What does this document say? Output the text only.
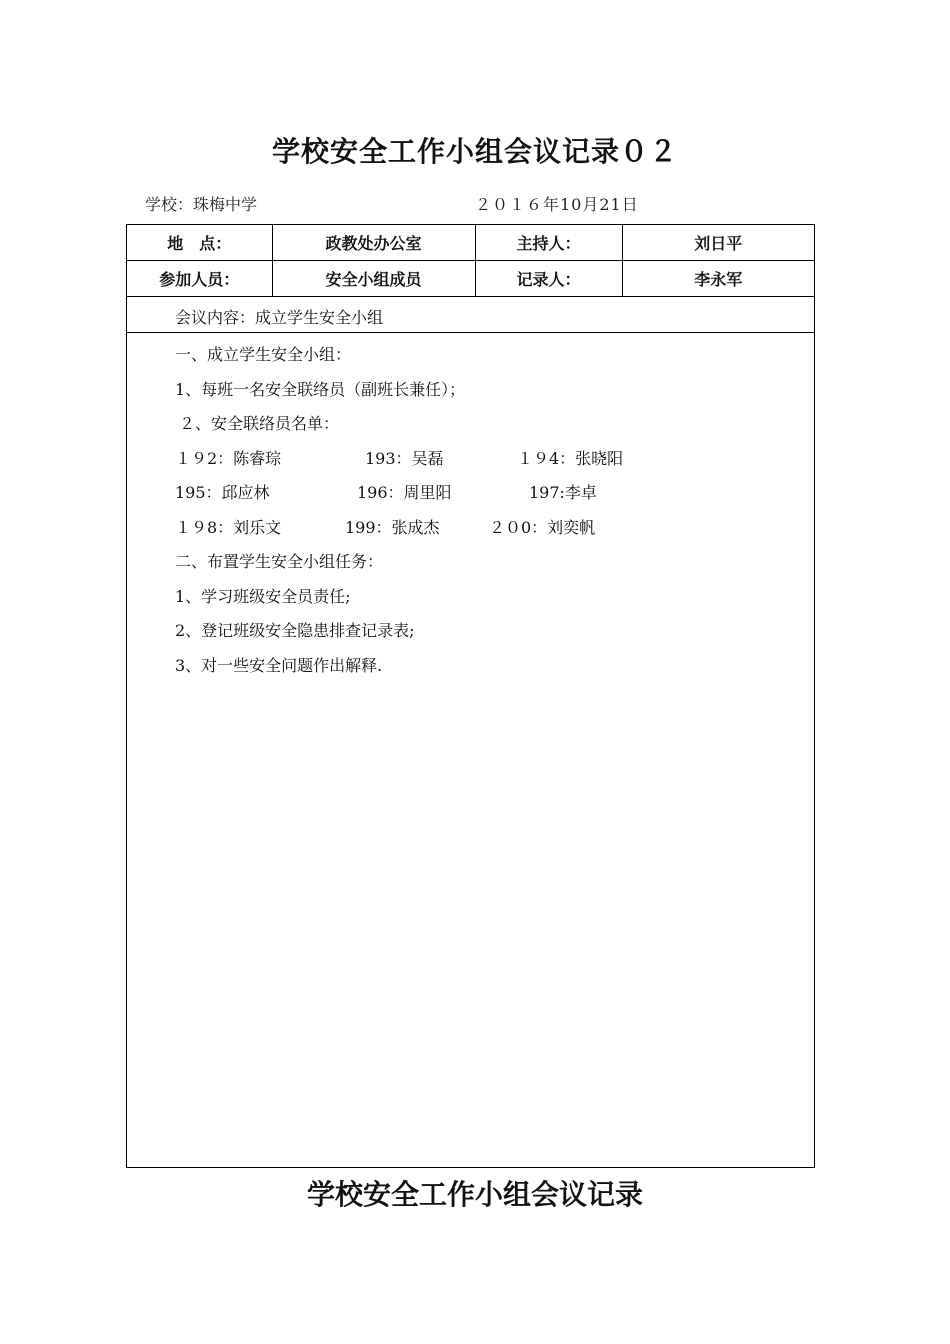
学校安全工作小组会议记录０２
学校：珠梅中学	２０１６年10月21日
地　点：	政教处办公室	主持人：	刘日平
参加人员：	安全小组成员	记录人：	李永军
会议内容：成立学生安全小组
一、成立学生安全小组：
1、每班一名安全联络员（副班长兼任）；
２、安全联络员名单：
１９2：陈睿琮	193：吴磊	１９4：张晓阳
195：邱应林	196：周里阳	197:李卓
１９8：刘乐文	199：张成杰	２０0：刘奕帆
二、布置学生安全小组任务：
1、学习班级安全员责任;
2、登记班级安全隐患排查记录表;
3、对一些安全问题作出解释.
学校安全工作小组会议记录
